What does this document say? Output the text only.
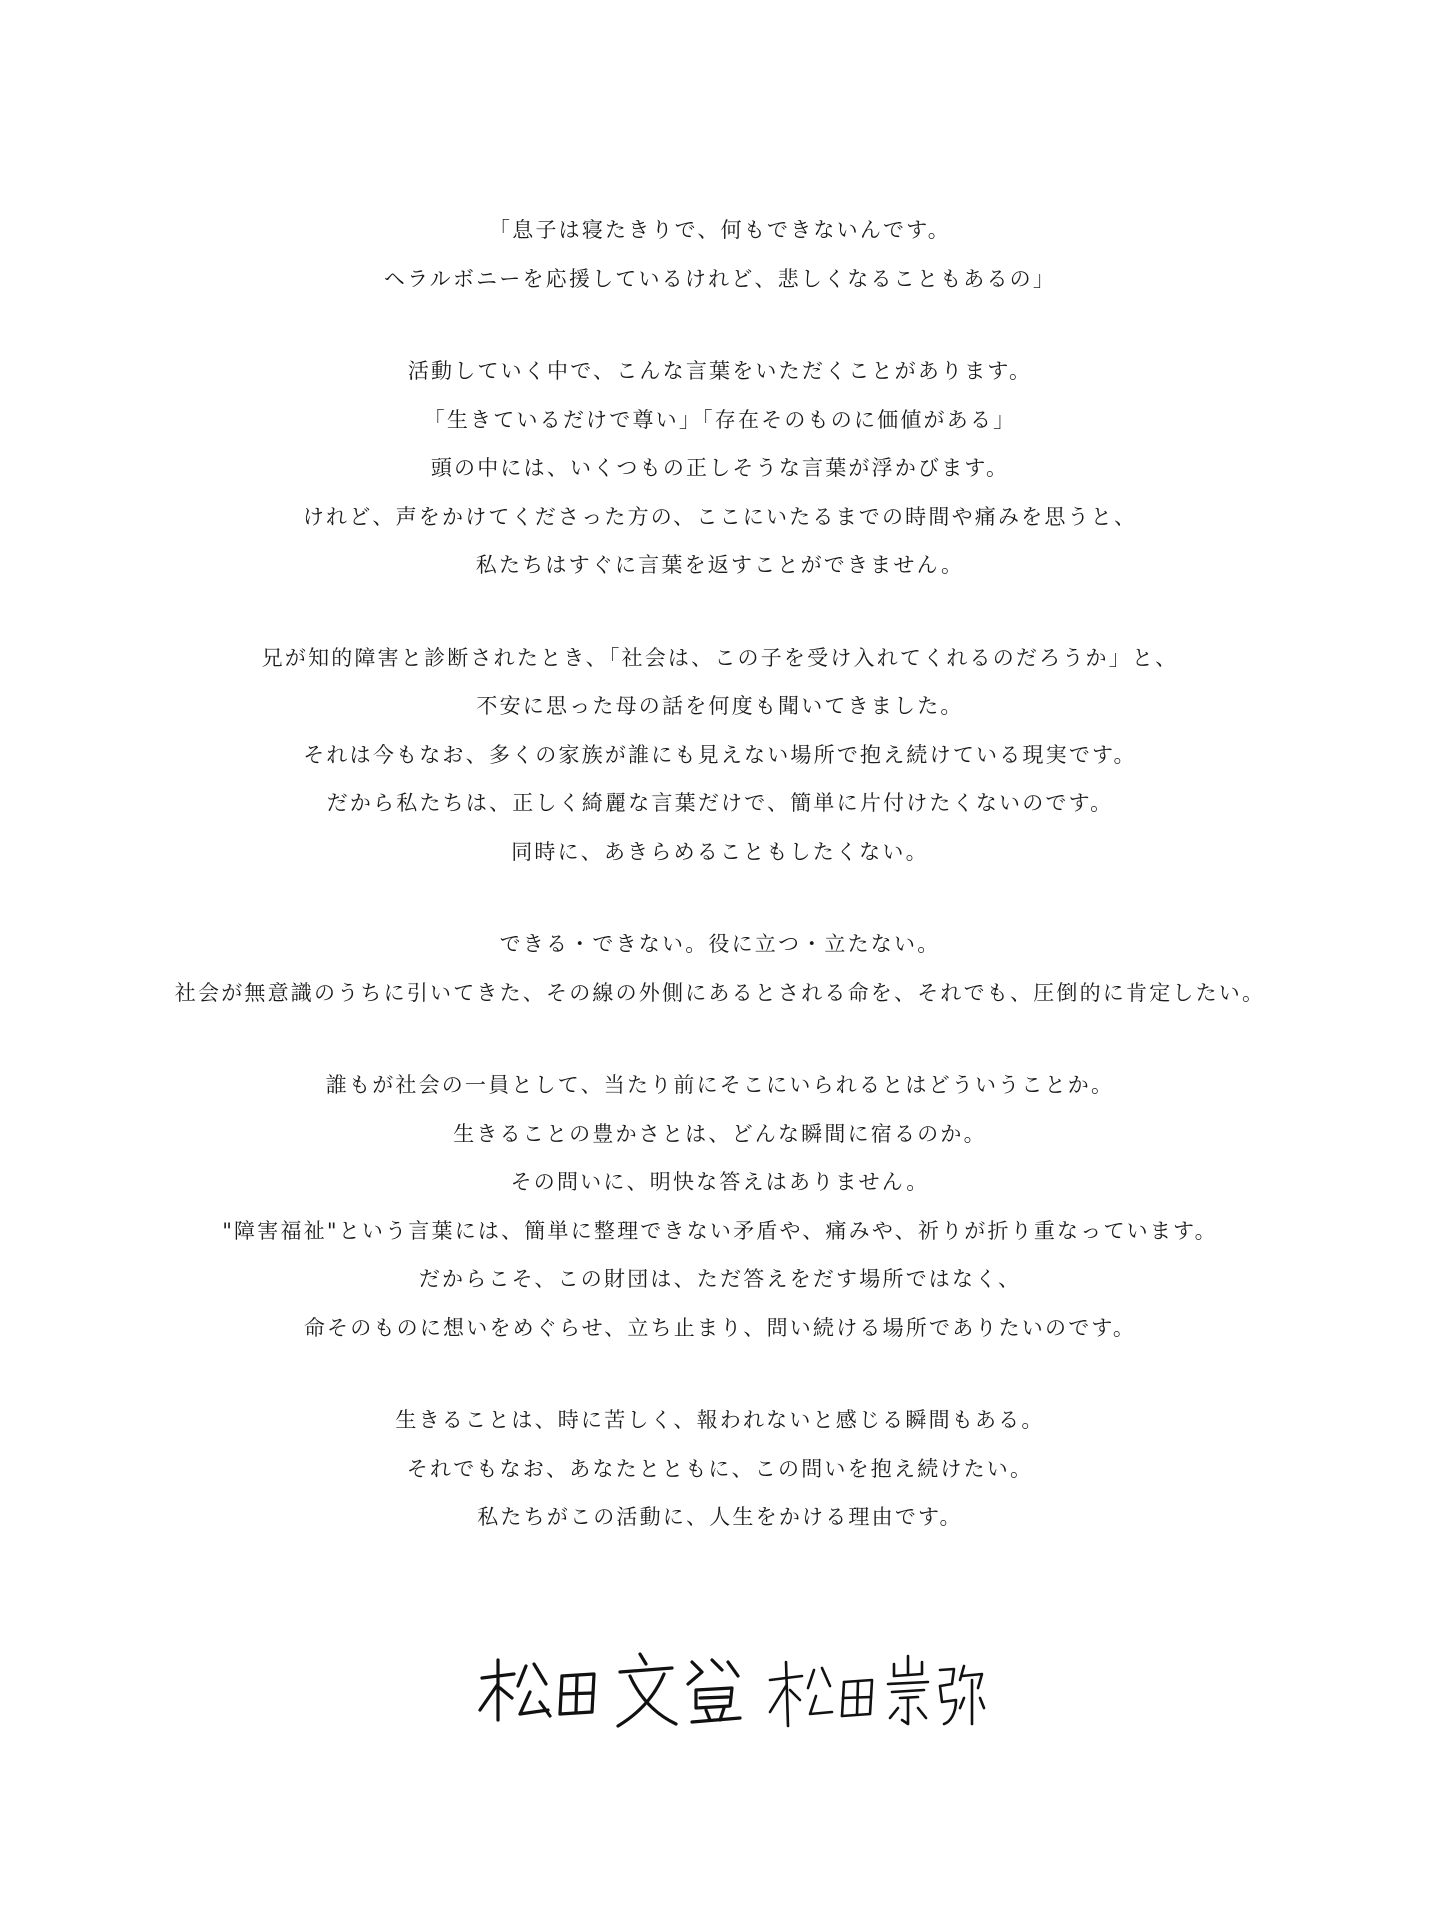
「息子は寝たきりで、何もできないんです。
ヘラルボニーを応援しているけれど、悲しくなることもあるの」
活動していく中で、こんな言葉をいただくことがあります。
「生きているだけで尊い」「存在そのものに価値がある」
頭の中には、いくつもの正しそうな言葉が浮かびます。
けれど、声をかけてくださった方の、ここにいたるまでの時間や痛みを思うと、
私たちはすぐに言葉を返すことができません。
兄が知的障害と診断されたとき、「社会は、この子を受け入れてくれるのだろうか」と、
不安に思った母の話を何度も聞いてきました。
それは今もなお、多くの家族が誰にも見えない場所で抱え続けている現実です。
だから私たちは、正しく綺麗な言葉だけで、簡単に片付けたくないのです。
同時に、あきらめることもしたくない。
できる・できない。役に立つ・立たない。
社会が無意識のうちに引いてきた、その線の外側にあるとされる命を、それでも、圧倒的に肯定したい。
誰もが社会の一員として、当たり前にそこにいられるとはどういうことか。
生きることの豊かさとは、どんな瞬間に宿るのか。
その問いに、明快な答えはありません。
"障害福祉"という言葉には、簡単に整理できない矛盾や、痛みや、祈りが折り重なっています。
だからこそ、この財団は、ただ答えをだす場所ではなく、
命そのものに想いをめぐらせ、立ち止まり、問い続ける場所でありたいのです。
生きることは、時に苦しく、報われないと感じる瞬間もある。
それでもなお、あなたとともに、この問いを抱え続けたい。
私たちがこの活動に、人生をかける理由です。
